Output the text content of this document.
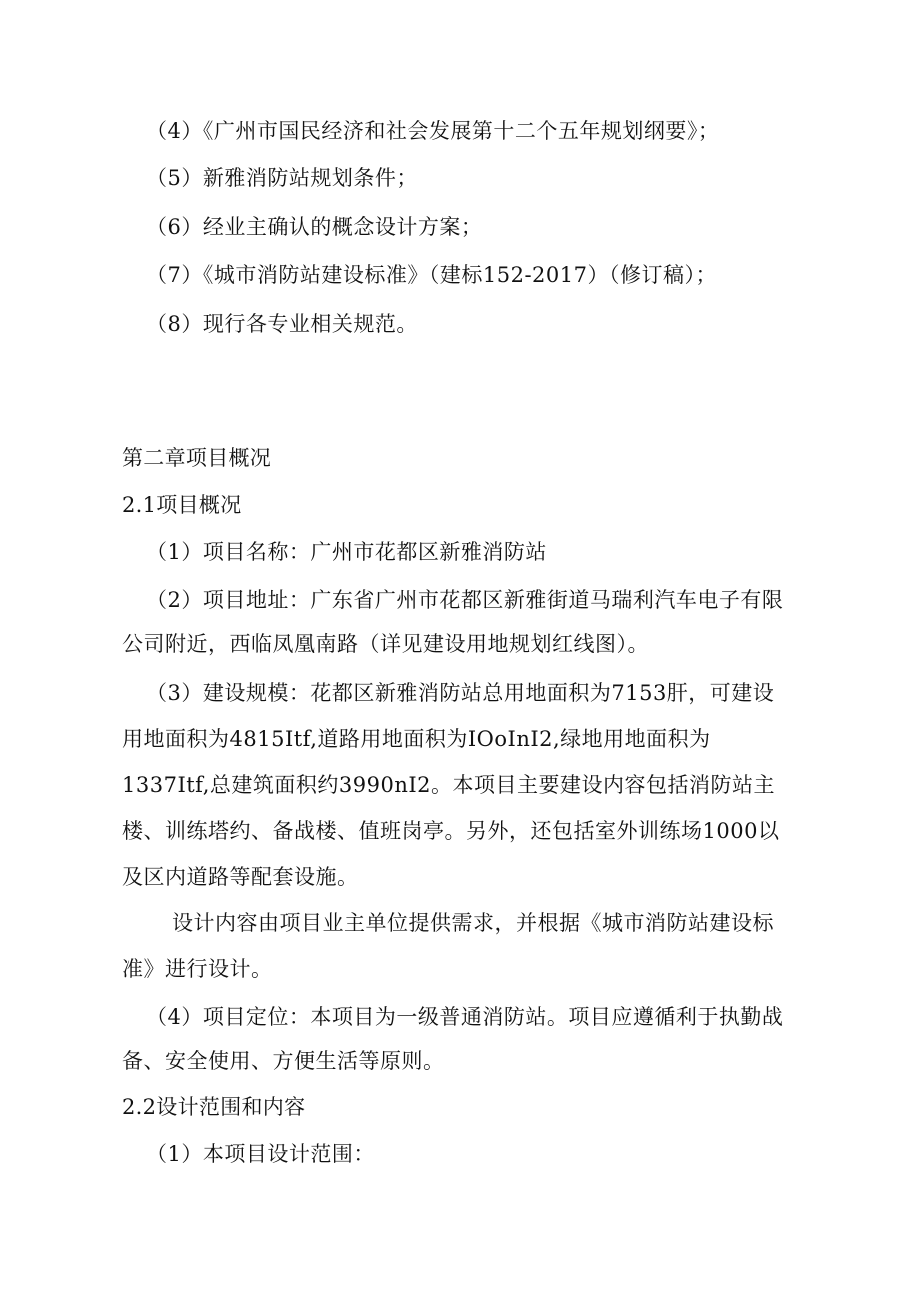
（4）《广州市国民经济和社会发展第十二个五年规划纲要》；
（5）新雅消防站规划条件；
（6）经业主确认的概念设计方案；
（7）《城市消防站建设标准》（建标152-2017）（修订稿）；
（8）现行各专业相关规范。
第二章项目概况
2.1项目概况
（1）项目名称：广州市花都区新雅消防站
（2）项目地址：广东省广州市花都区新雅街道马瑞利汽车电子有限
公司附近，西临凤凰南路（详见建设用地规划红线图）。
（3）建设规模：花都区新雅消防站总用地面积为7153肝，可建设
用地面积为4815Itf,道路用地面积为IOoInI2,绿地用地面积为
1337Itf,总建筑面积约3990nI2。本项目主要建设内容包括消防站主
楼、训练塔约、备战楼、值班岗亭。另外，还包括室外训练场1000以
及区内道路等配套设施。
设计内容由项目业主单位提供需求，并根据《城市消防站建设标
准》进行设计。
（4）项目定位：本项目为一级普通消防站。项目应遵循利于执勤战
备、安全使用、方便生活等原则。
2.2设计范围和内容
（1）本项目设计范围：
